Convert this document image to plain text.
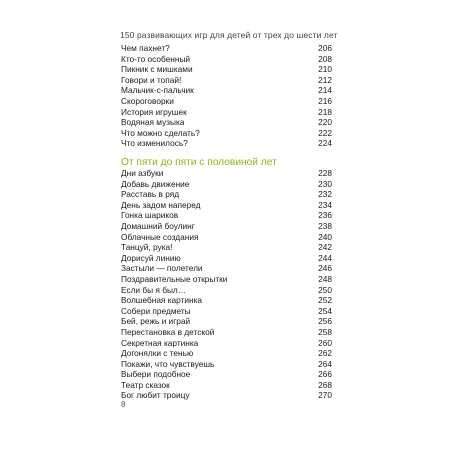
150 развивающих игр для детей от трех до шести лет
Чем пахнет?	206
Кто-то особенный	208
Пикник с мишками	210
Говори и топай!	212
Мальчик-с-пальчик	214
Скороговорки	216
История игрушек	218
Водяная музыка	220
Что можно сделать?	222
Что изменилось?	224
От пяти до пяти с половиной лет
Дни азбуки	228
Добавь движение	230
Расставь в ряд	232
День задом наперед	234
Гонка шариков	236
Домашний боулинг	238
Облачные создания	240
Танцуй, рука!	242
Дорисуй линию	244
Застыли — полетели	246
Поздравительные открытки	248
Если бы я был…	250
Волшебная картинка	252
Собери предметы	254
Бей, режь и играй	256
Перестановка в детской	258
Секретная картинка	260
Догонялки с тенью	262
Покажи, что чувствуешь	264
Выбери подобное	266
Театр сказок	268
Бог любит троицу	270
8
